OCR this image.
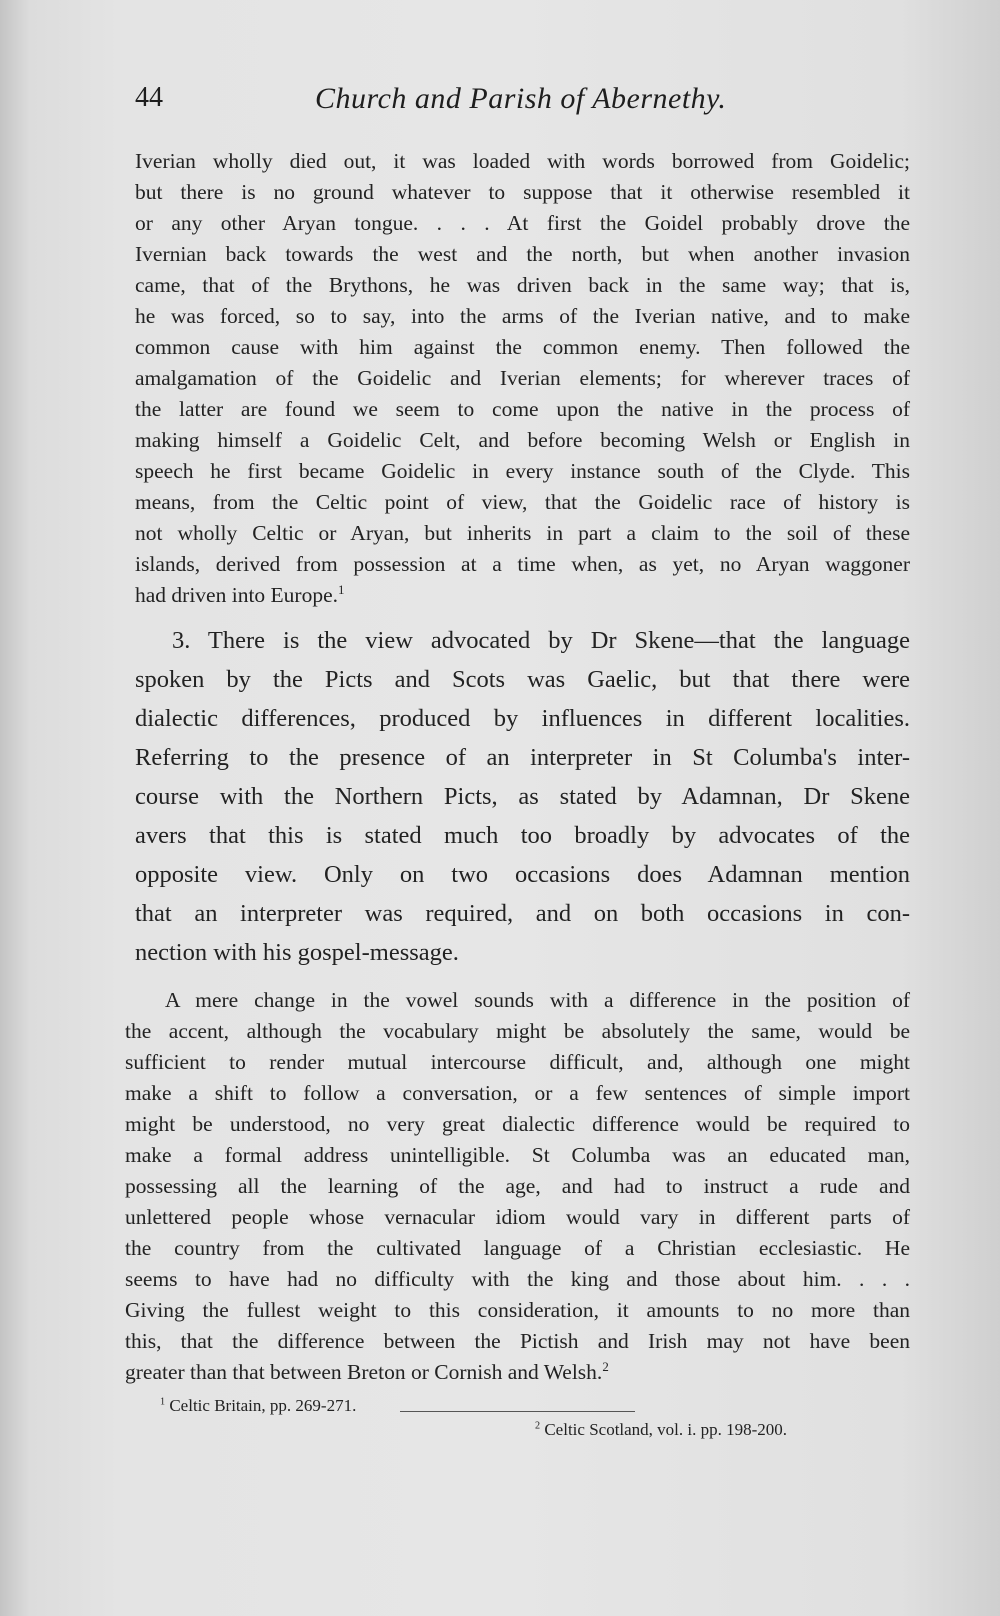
44	Church and Parish of Abernethy.

Iverian wholly died out, it was loaded with words borrowed from Goidelic;

but there is no ground whatever to suppose that it otherwise resembled it

or any other Aryan tongue. . . . At first the Goidel probably drove the

Ivernian back towards the west and the north, but when another invasion

came, that of the Brythons, he was driven back in the same way; that is,

he was forced, so to say, into the arms of the Iverian native, and to make

common cause with him against the common enemy. Then followed the

amalgamation of the Goidelic and Iverian elements; for wherever traces of

the latter are found we seem to come upon the native in the process of

making himself a Goidelic Celt, and before becoming Welsh or English in

speech he first became Goidelic in every instance south of the Clyde. This

means, from the Celtic point of view, that the Goidelic race of history is

not wholly Celtic or Aryan, but inherits in part a claim to the soil of these

islands, derived from possession at a time when, as yet, no Aryan waggoner

had driven into Europe.$^1$

3. There is the view advocated by Dr Skene—that the language

spoken by the Picts and Scots was Gaelic, but that there were

dialectic differences, produced by influences in different localities.

Referring to the presence of an interpreter in St Columba's inter-

course with the Northern Picts, as stated by Adamnan, Dr Skene

avers that this is stated much too broadly by advocates of the

opposite view. Only on two occasions does Adamnan mention

that an interpreter was required, and on both occasions in con-

nection with his gospel-message.

A mere change in the vowel sounds with a difference in the position of

the accent, although the vocabulary might be absolutely the same, would be

sufficient to render mutual intercourse difficult, and, although one might

make a shift to follow a conversation, or a few sentences of simple import

might be understood, no very great dialectic difference would be required to

make a formal address unintelligible. St Columba was an educated man,

possessing all the learning of the age, and had to instruct a rude and

unlettered people whose vernacular idiom would vary in different parts of

the country from the cultivated language of a Christian ecclesiastic. He

seems to have had no difficulty with the king and those about him. . . .

Giving the fullest weight to this consideration, it amounts to no more than

this, that the difference between the Pictish and Irish may not have been

greater than that between Breton or Cornish and Welsh.$^2$

$^1$ Celtic Britain, pp. 269-271.
$^2$ Celtic Scotland, vol. i. pp. 198-200.
